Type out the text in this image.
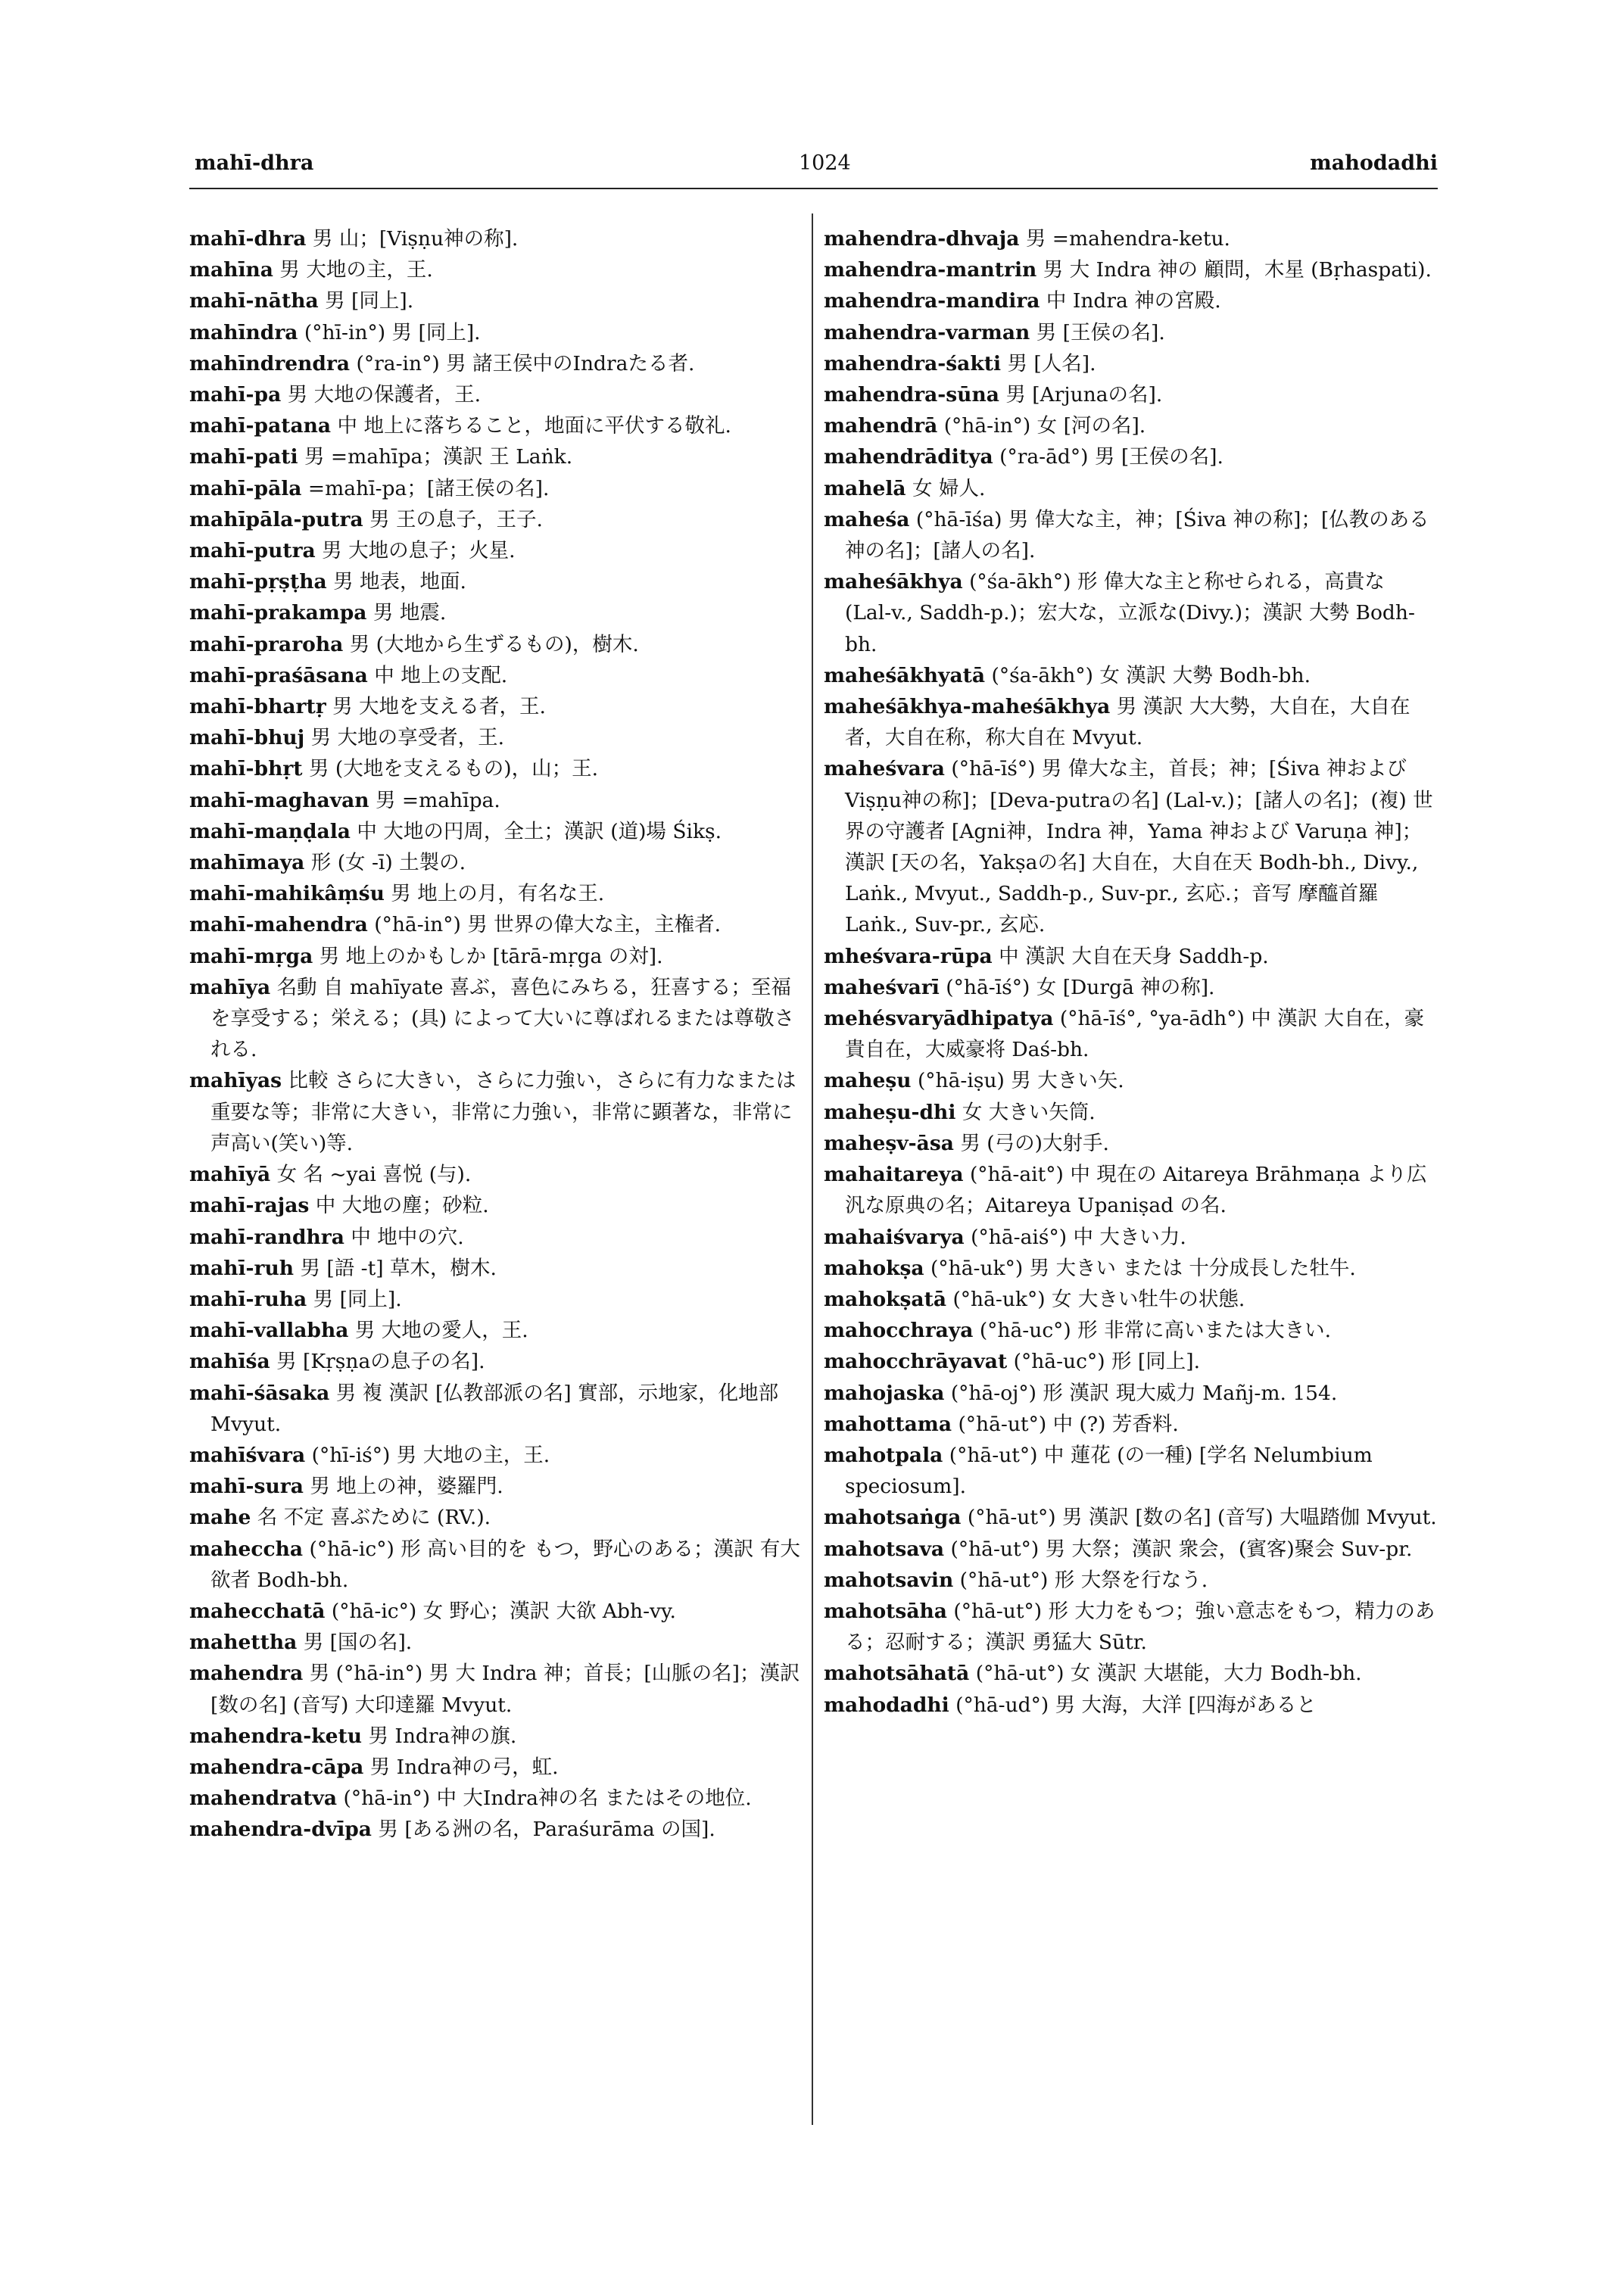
mahī-dhra	1024	mahodadhi

mahī-dhra 男 山；[Viṣṇu神の称].

mahīna 男 大地の主，王.

mahī-nātha 男 [同上].

mahīndra (°hī-in°) 男 [同上].

mahīndrendra (°ra-in°) 男 諸王侯中のIndraたる者.

mahī-pa 男 大地の保護者，王.

mahī-patana 中 地上に落ちること，地面に平伏する敬礼.

mahī-pati 男 =mahīpa；漢訳 王 Laṅk.

mahī-pāla =mahī-pa；[諸王侯の名].

mahīpāla-putra 男 王の息子，王子.

mahī-putra 男 大地の息子；火星.

mahī-pṛṣṭha 男 地表，地面.

mahī-prakampa 男 地震.

mahī-praroha 男 (大地から生ずるもの)，樹木.

mahī-praśāsana 中 地上の支配.

mahī-bhartṛ 男 大地を支える者，王.

mahī-bhuj 男 大地の享受者，王.

mahī-bhṛt 男 (大地を支えるもの)，山；王.

mahī-maghavan 男 =mahīpa.

mahī-maṇḍala 中 大地の円周，全土；漢訳 (道)場 Śikṣ.

mahīmaya 形 (女 -ī) 土製の.

mahī-mahikâṃśu 男 地上の月，有名な王.

mahī-mahendra (°hā-in°) 男 世界の偉大な主，主権者.

mahī-mṛga 男 地上のかもしか [tārā-mṛga の対].

mahīya 名動 自 mahīyate 喜ぶ，喜色にみちる，狂喜する；至福を享受する；栄える；(具) によって大いに尊ばれるまたは尊敬される.

mahīyas 比較 さらに大きい，さらに力強い，さらに有力なまたは重要な等；非常に大きい，非常に力強い，非常に顕著な，非常に声高い(笑い)等.

mahīyā 女 名 ~yai 喜悦 (与).

mahī-rajas 中 大地の塵；砂粒.

mahī-randhra 中 地中の穴.

mahī-ruh 男 [語 -t] 草木，樹木.

mahī-ruha 男 [同上].

mahī-vallabha 男 大地の愛人，王.

mahīśa 男 [Kṛṣṇaの息子の名].

mahī-śāsaka 男 複 漢訳 [仏教部派の名] 實部，示地家，化地部 Mvyut.

mahīśvara (°hī-iś°) 男 大地の主，王.

mahī-sura 男 地上の神，婆羅門.

mahe 名 不定 喜ぶために (RV.).

maheccha (°hā-ic°) 形 高い目的を もつ，野心のある；漢訳 有大欲者 Bodh-bh.

mahecchatā (°hā-ic°) 女 野心；漢訳 大欲 Abh-vy.

mahettha 男 [国の名].

mahendra 男 (°hā-in°) 男 大 Indra 神；首長；[山脈の名]；漢訳 [数の名] (音写) 大印達羅 Mvyut.

mahendra-ketu 男 Indra神の旗.

mahendra-cāpa 男 Indra神の弓，虹.

mahendratva (°hā-in°) 中 大Indra神の名 またはその地位.

mahendra-dvīpa 男 [ある洲の名，Paraśurāma の国].

mahendra-dhvaja 男 =mahendra-ketu.

mahendra-mantrin 男 大 Indra 神の 顧問，木星 (Bṛhaspati).

mahendra-mandira 中 Indra 神の宮殿.

mahendra-varman 男 [王侯の名].

mahendra-śakti 男 [人名].

mahendra-sūna 男 [Arjunaの名].

mahendrā (°hā-in°) 女 [河の名].

mahendrāditya (°ra-ād°) 男 [王侯の名].

mahelā 女 婦人.

maheśa (°hā-īśa) 男 偉大な主，神；[Śiva 神の称]；[仏教のある神の名]；[諸人の名].

maheśākhya (°śa-ākh°) 形 偉大な主と称せられる，高貴な (Lal-v., Saddh-p.)；宏大な，立派な(Divy.)；漢訳 大勢 Bodh-bh.

maheśākhyatā (°śa-ākh°) 女 漢訳 大勢 Bodh-bh.

maheśākhya-maheśākhya 男 漢訳 大大勢，大自在，大自在者，大自在称，称大自在 Mvyut.

maheśvara (°hā-īś°) 男 偉大な主，首長；神；[Śiva 神および Viṣṇu神の称]；[Deva-putraの名] (Lal-v.)；[諸人の名]；(複) 世界の守護者 [Agni神，Indra 神，Yama 神および Varuṇa 神]；漢訳 [天の名，Yakṣaの名] 大自在，大自在天 Bodh-bh., Divy., Laṅk., Mvyut., Saddh-p., Suv-pr., 玄応.；音写 摩醯首羅 Laṅk., Suv-pr., 玄応.

mheśvara-rūpa 中 漢訳 大自在天身 Saddh-p.

maheśvarī (°hā-īś°) 女 [Durgā 神の称].

mehésvaryādhipatya (°hā-īś°, °ya-ādh°) 中 漢訳 大自在，豪貴自在，大威豪将 Daś-bh.

maheṣu (°hā-iṣu) 男 大きい矢.

maheṣu-dhi 女 大きい矢筒.

maheṣv-āsa 男 (弓の)大射手.

mahaitareya (°hā-ait°) 中 現在の Aitareya Brāhmaṇa より広汎な原典の名；Aitareya Upaniṣad の名.

mahaiśvarya (°hā-aiś°) 中 大きい力.

mahokṣa (°hā-uk°) 男 大きい または 十分成長した牡牛.

mahokṣatā (°hā-uk°) 女 大きい牡牛の状態.

mahocchraya (°hā-uc°) 形 非常に高いまたは大きい.

mahocchrāyavat (°hā-uc°) 形 [同上].

mahojaska (°hā-oj°) 形 漢訳 現大威力 Mañj-m. 154.

mahottama (°hā-ut°) 中 (?) 芳香料.

mahotpala (°hā-ut°) 中 蓮花 (の一種) [学名 Nelumbium speciosum].

mahotsaṅga (°hā-ut°) 男 漢訳 [数の名] (音写) 大嗢踏伽 Mvyut.

mahotsava (°hā-ut°) 男 大祭；漢訳 衆会，(賓客)聚会 Suv-pr.

mahotsavin (°hā-ut°) 形 大祭を行なう.

mahotsāha (°hā-ut°) 形 大力をもつ；強い意志をもつ，精力のある；忍耐する；漢訳 勇猛大 Sūtr.

mahotsāhatā (°hā-ut°) 女 漢訳 大堪能，大力 Bodh-bh.

mahodadhi (°hā-ud°) 男 大海，大洋 [四海があると
